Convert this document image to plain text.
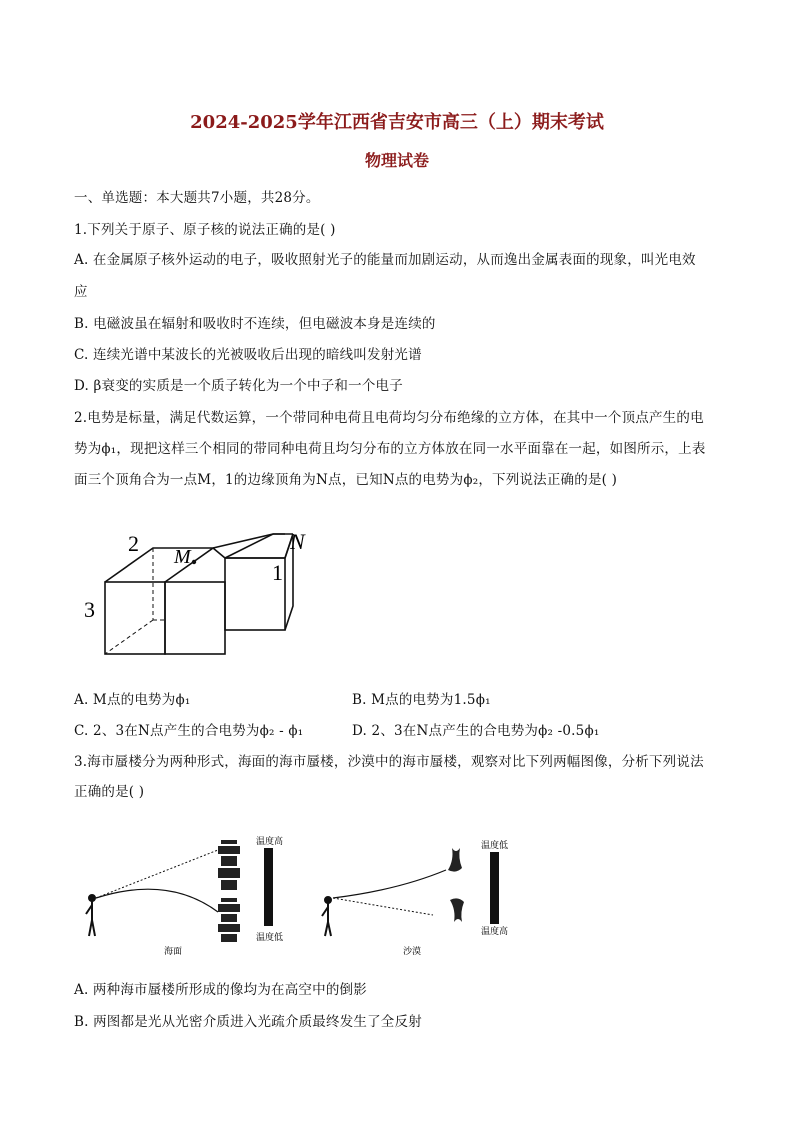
2024-2025学年江西省吉安市高三（上）期末考试
物理试卷
一、单选题：本大题共7小题，共28分。
1.下列关于原子、原子核的说法正确的是( )
A. 在金属原子核外运动的电子，吸收照射光子的能量而加剧运动，从而逸出金属表面的现象，叫光电效
应
B. 电磁波虽在辐射和吸收时不连续，但电磁波本身是连续的
C. 连续光谱中某波长的光被吸收后出现的暗线叫发射光谱
D. β衰变的实质是一个质子转化为一个中子和一个电子
2.电势是标量，满足代数运算，一个带同种电荷且电荷均匀分布绝缘的立方体，在其中一个顶点产生的电
势为ϕ₁，现把这样三个相同的带同种电荷且均匀分布的立方体放在同一水平面靠在一起，如图所示，上表
面三个顶角合为一点M，1的边缘顶角为N点，已知N点的电势为ϕ₂，下列说法正确的是( )
2
M
N
1
3
A. M点的电势为ϕ₁	B. M点的电势为1.5ϕ₁
C. 2、3在N点产生的合电势为ϕ₂ - ϕ₁	D. 2、3在N点产生的合电势为ϕ₂ -0.5ϕ₁
3.海市蜃楼分为两种形式，海面的海市蜃楼，沙漠中的海市蜃楼，观察对比下列两幅图像，分析下列说法
正确的是( )
温度高
温度低
海面
温度低
温度高
沙漠
A. 两种海市蜃楼所形成的像均为在高空中的倒影
B. 两图都是光从光密介质进入光疏介质最终发生了全反射
